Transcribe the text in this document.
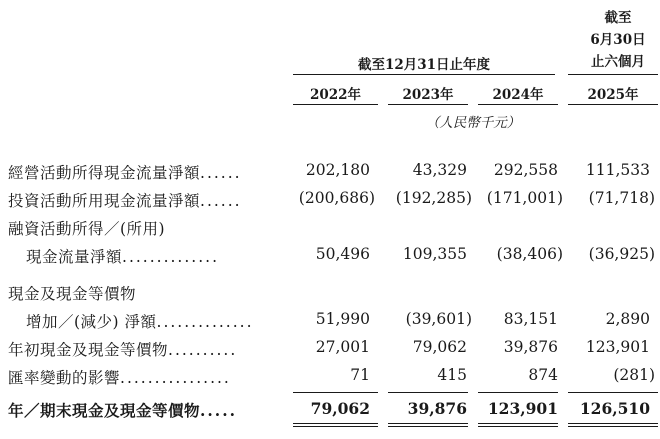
截至
6月30日
止六個月
截至12月31日止年度
2022年	2023年	2024年	2025年
（人民幣千元）
經營活動所得現金流量淨額......	202,180	43,329	292,558	111,533
投資活動所用現金流量淨額......	(200,686)	(192,285) (171,001)	(71,718)
融資活動所得／(所用)
現金流量淨額..............	50,496	109,355	(38,406)	(36,925)
現金及現金等價物
增加／(減少) 淨額..............	51,990	(39,601)	83,151	2,890
年初現金及現金等價物..........	27,001	79,062	39,876	123,901
匯率變動的影響................	71	415	874	(281)
年／期末現金及現金等價物.....	79,062	39,876	123,901	126,510
